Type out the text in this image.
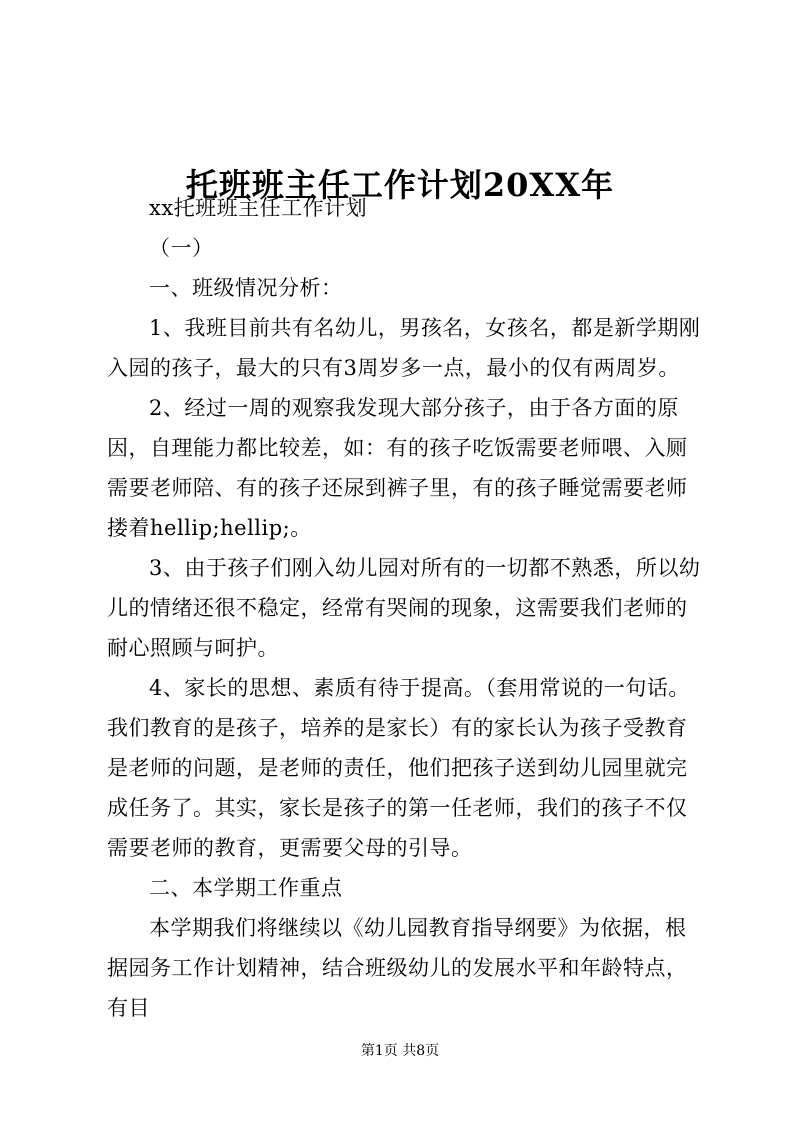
托班班主任工作计划20XX年

xx托班班主任工作计划

（一）

一、班级情况分析：

1、我班目前共有名幼儿，男孩名，女孩名，都是新学期刚入园的孩子，最大的只有3周岁多一点，最小的仅有两周岁。

2、经过一周的观察我发现大部分孩子，由于各方面的原因，自理能力都比较差，如：有的孩子吃饭需要老师喂、入厕需要老师陪、有的孩子还尿到裤子里，有的孩子睡觉需要老师搂着hellip;hellip;。

3、由于孩子们刚入幼儿园对所有的一切都不熟悉，所以幼儿的情绪还很不稳定，经常有哭闹的现象，这需要我们老师的耐心照顾与呵护。

4、家长的思想、素质有待于提高。（套用常说的一句话。我们教育的是孩子，培养的是家长）有的家长认为孩子受教育是老师的问题，是老师的责任，他们把孩子送到幼儿园里就完成任务了。其实，家长是孩子的第一任老师，我们的孩子不仅需要老师的教育，更需要父母的引导。

二、本学期工作重点

本学期我们将继续以《幼儿园教育指导纲要》为依据，根据园务工作计划精神，结合班级幼儿的发展水平和年龄特点，有目

第1页 共8页
